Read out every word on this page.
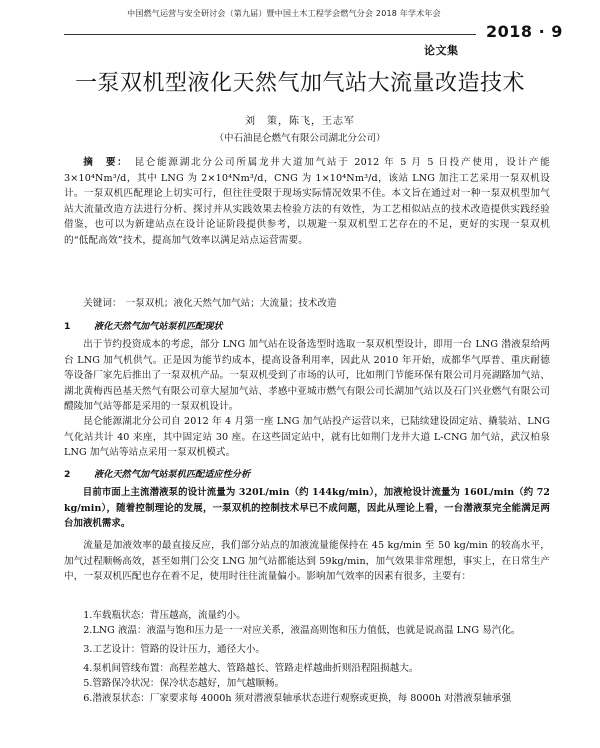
中国燃气运营与安全研讨会（第九届）暨中国土木工程学会燃气分会 2018 年学术年会
2018 · 9
论文集
一泵双机型液化天然气加气站大流量改造技术
刘　策，陈飞，王志军
（中石油昆仑燃气有限公司湖北分公司）
摘　要： 昆仑能源湖北分公司所属龙井大道加气站于 2012 年 5 月 5 日投产使用，设计产能 3×10⁴Nm³/d，其中 LNG 为 2×10⁴Nm³/d，CNG 为 1×10⁴Nm³/d，该站 LNG 加注工艺采用一泵双机设计。一泵双机匹配理论上切实可行，但往往受限于现场实际情况效果不佳。本文旨在通过对一种一泵双机型加气站大流量改造方法进行分析、探讨并从实践效果去检验方法的有效性，为工艺相似站点的技术改造提供实践经验借鉴，也可以为新建站点在设计论证阶段提供参考，以规避一泵双机型工艺存在的不足，更好的实现一泵双机的“低配高效”技术，提高加气效率以满足站点运营需要。
关键词： 一泵双机；液化天然气加气站；大流量；技术改造
1	液化天然气加气站泵机匹配现状
出于节约投资成本的考虑，部分 LNG 加气站在设备选型时选取一泵双机型设计，即用一台 LNG 潜液泵给两台 LNG 加气机供气。正是因为能节约成本，提高设备利用率，因此从 2010 年开始，成都华气厚普、重庆耐德等设备厂家先后推出了一泵双机产品。一泵双机受到了市场的认可，比如荆门节能环保有限公司月亮湖路加气站、湖北黄梅西邑基天然气有限公司章大屋加气站、孝感中亚城市燃气有限公司长湖加气站以及石门兴业燃气有限公司醴陵加气站等都是采用的一泵双机设计。
昆仑能源湖北分公司自 2012 年 4 月第一座 LNG 加气站投产运营以来，已陆续建设固定站、撬装站、LNG 气化站共计 40 来座，其中固定站 30 座。在这些固定站中，就有比如荆门龙井大道 L-CNG 加气站，武汉柏泉 LNG 加气站等站点采用一泵双机模式。
2	液化天然气加气站泵机匹配适应性分析
目前市面上主流潜液泵的设计流量为 320L/min（约 144kg/min），加液枪设计流量为 160L/min（约 72 kg/min），随着控制理论的发展，一泵双机的控制技术早已不成问题，因此从理论上看，一台潜液泵完全能满足两台加液机需求。
流量是加液效率的最直接反应，我们部分站点的加液流量能保持在 45 kg/min 至 50 kg/min 的较高水平，加气过程顺畅高效，甚至如荆门公交 LNG 加气站都能达到 59kg/min，加气效果非常理想，事实上，在日常生产中，一泵双机匹配也存在着不足，使用时往往流量偏小。影响加气效率的因素有很多，主要有：

1.车载瓶状态：背压越高，流量约小。

2.LNG 液温：液温与饱和压力是一一对应关系，液温高则饱和压力值低，也就是说高温 LNG 易汽化。

3.工艺设计：管路的设计压力，通径大小。

4.泵机间管线布置：高程差越大、管路越长、管路走样越曲折则沿程阻损越大。

5.管路保冷状况：保冷状态越好，加气越顺畅。

6.潜液泵状态：厂家要求每 4000h 须对潜液泵轴承状态进行观察或更换，每 8000h 对潜液泵轴承强
